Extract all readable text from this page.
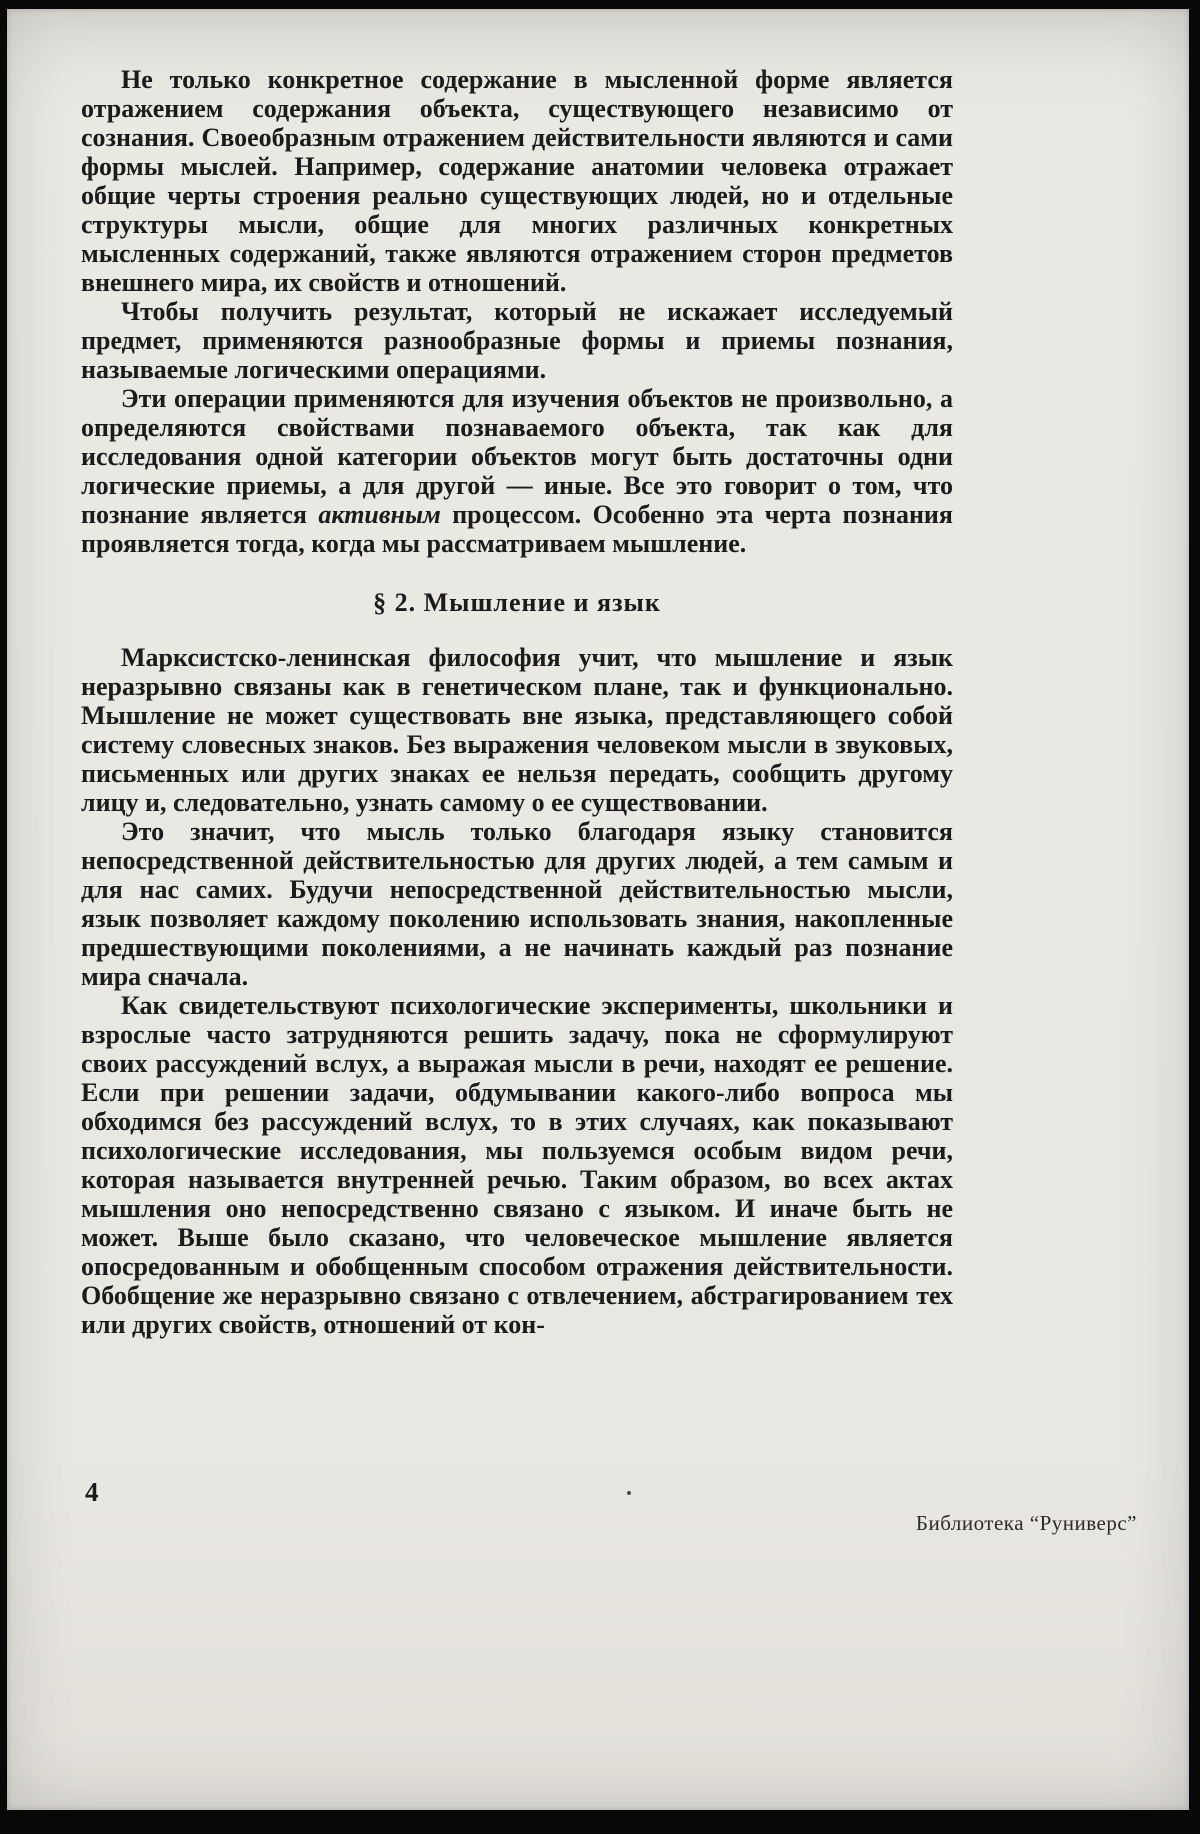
Не только конкретное содержание в мысленной форме является отражением содержания объекта, существующего независимо от сознания. Своеобразным отражением действительности являются и сами формы мыслей. Например, содержание анатомии человека отражает общие черты строения реально существующих людей, но и отдельные структуры мысли, общие для многих различных конкретных мысленных содержаний, также являются отражением сторон предметов внешнего мира, их свойств и отношений.

Чтобы получить результат, который не искажает исследуемый предмет, применяются разнообразные формы и приемы познания, называемые логическими операциями.

Эти операции применяются для изучения объектов не произвольно, а определяются свойствами познаваемого объекта, так как для исследования одной категории объектов могут быть достаточны одни логические приемы, а для другой — иные. Все это говорит о том, что познание является активным процессом. Особенно эта черта познания проявляется тогда, когда мы рассматриваем мышление.

§ 2. Мышление и язык

Марксистско-ленинская философия учит, что мышление и язык неразрывно связаны как в генетическом плане, так и функционально. Мышление не может существовать вне языка, представляющего собой систему словесных знаков. Без выражения человеком мысли в звуковых, письменных или других знаках ее нельзя передать, сообщить другому лицу и, следовательно, узнать самому о ее существовании.

Это значит, что мысль только благодаря языку становится непосредственной действительностью для других людей, а тем самым и для нас самих. Будучи непосредственной действительностью мысли, язык позволяет каждому поколению использовать знания, накопленные предшествующими поколениями, а не начинать каждый раз познание мира сначала.

Как свидетельствуют психологические эксперименты, школьники и взрослые часто затрудняются решить задачу, пока не сформулируют своих рассуждений вслух, а выражая мысли в речи, находят ее решение. Если при решении задачи, обдумывании какого-либо вопроса мы обходимся без рассуждений вслух, то в этих случаях, как показывают психологические исследования, мы пользуемся особым видом речи, которая называется внутренней речью. Таким образом, во всех актах мышления оно непосредственно связано с языком. И иначе быть не может. Выше было сказано, что человеческое мышление является опосредованным и обобщенным способом отражения действительности. Обобщение же неразрывно связано с отвлечением, абстрагированием тех или других свойств, отношений от кон-

4
Библиотека “Руниверс”
